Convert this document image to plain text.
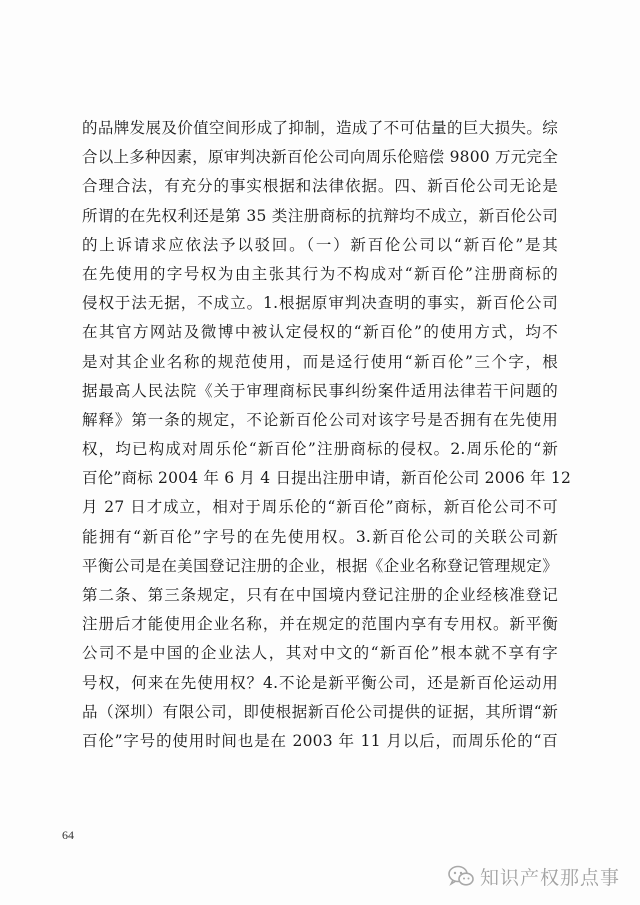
的品牌发展及价值空间形成了抑制，造成了不可估量的巨大损失。综
合以上多种因素，原审判决新百伦公司向周乐伦赔偿 9800 万元完全
合理合法，有充分的事实根据和法律依据。四、新百伦公司无论是
所谓的在先权利还是第 35 类注册商标的抗辩均不成立，新百伦公司
的上诉请求应依法予以驳回。（一）新百伦公司以“新百伦”是其
在先使用的字号权为由主张其行为不构成对“新百伦”注册商标的
侵权于法无据，不成立。1.根据原审判决查明的事实，新百伦公司
在其官方网站及微博中被认定侵权的“新百伦”的使用方式，均不
是对其企业名称的规范使用，而是迳行使用“新百伦”三个字，根
据最高人民法院《关于审理商标民事纠纷案件适用法律若干问题的
解释》第一条的规定，不论新百伦公司对该字号是否拥有在先使用
权，均已构成对周乐伦“新百伦”注册商标的侵权。2.周乐伦的“新
百伦”商标 2004 年 6 月 4 日提出注册申请，新百伦公司 2006 年 12
月 27 日才成立，相对于周乐伦的“新百伦”商标，新百伦公司不可
能拥有“新百伦”字号的在先使用权。3.新百伦公司的关联公司新
平衡公司是在美国登记注册的企业，根据《企业名称登记管理规定》
第二条、第三条规定，只有在中国境内登记注册的企业经核准登记
注册后才能使用企业名称，并在规定的范围内享有专用权。新平衡
公司不是中国的企业法人，其对中文的“新百伦”根本就不享有字
号权，何来在先使用权？4.不论是新平衡公司，还是新百伦运动用
品（深圳）有限公司，即使根据新百伦公司提供的证据，其所谓“新
百伦”字号的使用时间也是在 2003 年 11 月以后，而周乐伦的“百
64
知识产权那点事
